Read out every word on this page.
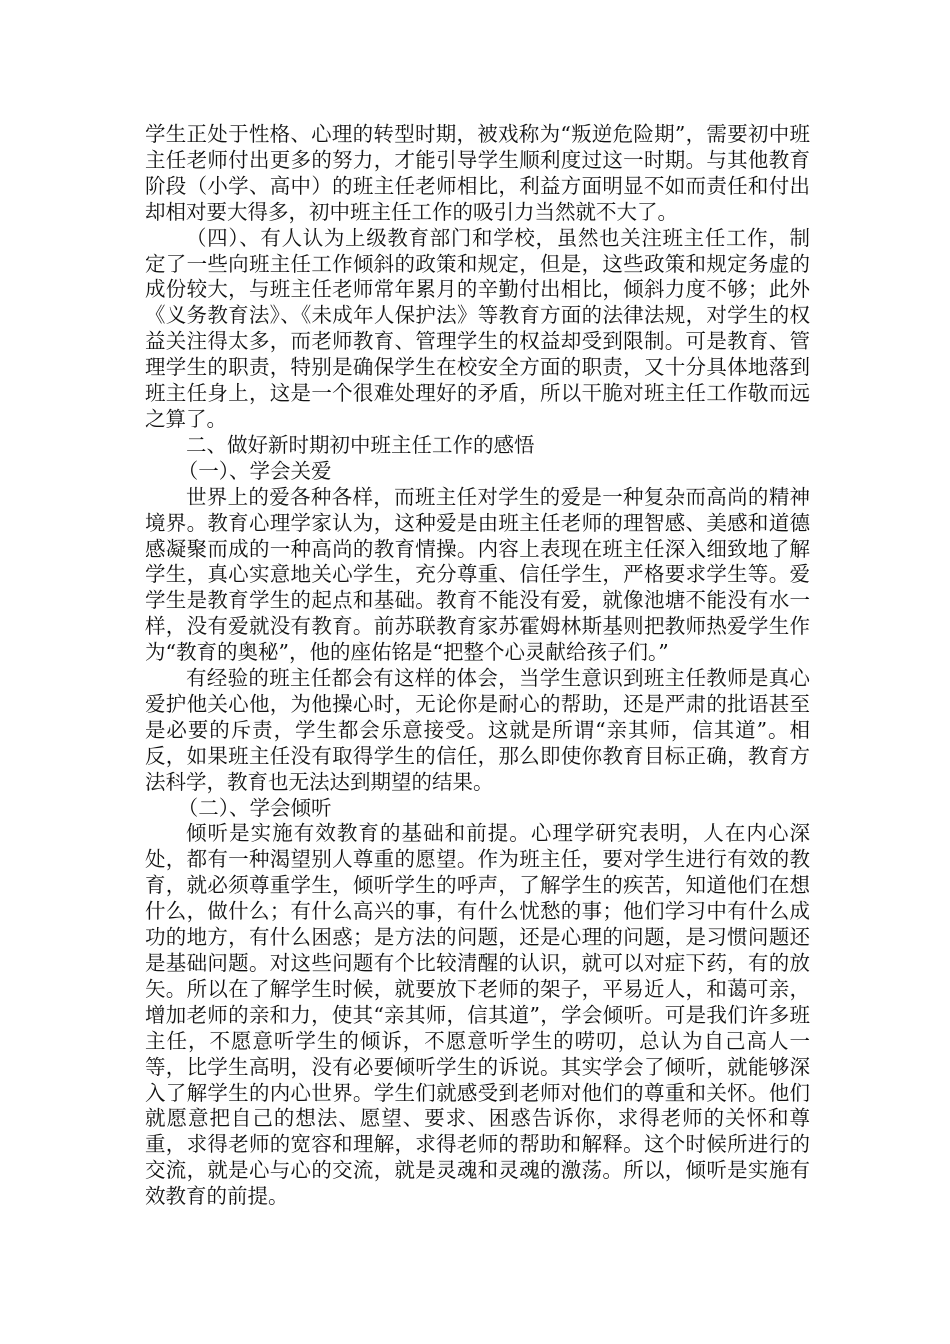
学生正处于性格、心理的转型时期，被戏称为“叛逆危险期”，需要初中班主任老师付出更多的努力，才能引导学生顺利度过这一时期。与其他教育阶段（小学、高中）的班主任老师相比，利益方面明显不如而责任和付出却相对要大得多，初中班主任工作的吸引力当然就不大了。

（四）、有人认为上级教育部门和学校，虽然也关注班主任工作，制定了一些向班主任工作倾斜的政策和规定，但是，这些政策和规定务虚的成份较大，与班主任老师常年累月的辛勤付出相比，倾斜力度不够；此外《义务教育法》、《未成年人保护法》等教育方面的法律法规，对学生的权益关注得太多，而老师教育、管理学生的权益却受到限制。可是教育、管理学生的职责，特别是确保学生在校安全方面的职责，又十分具体地落到班主任身上，这是一个很难处理好的矛盾，所以干脆对班主任工作敬而远之算了。

二、做好新时期初中班主任工作的感悟

（一）、学会关爱

世界上的爱各种各样，而班主任对学生的爱是一种复杂而高尚的精神境界。教育心理学家认为，这种爱是由班主任老师的理智感、美感和道德感凝聚而成的一种高尚的教育情操。内容上表现在班主任深入细致地了解学生，真心实意地关心学生，充分尊重、信任学生，严格要求学生等。爱学生是教育学生的起点和基础。教育不能没有爱，就像池塘不能没有水一样，没有爱就没有教育。前苏联教育家苏霍姆林斯基则把教师热爱学生作为“教育的奥秘”，他的座佑铭是“把整个心灵献给孩子们。”

有经验的班主任都会有这样的体会，当学生意识到班主任教师是真心爱护他关心他，为他操心时，无论你是耐心的帮助，还是严肃的批语甚至是必要的斥责，学生都会乐意接受。这就是所谓“亲其师，信其道”。相反，如果班主任没有取得学生的信任，那么即使你教育目标正确，教育方法科学，教育也无法达到期望的结果。

（二）、学会倾听

倾听是实施有效教育的基础和前提。心理学研究表明，人在内心深处，都有一种渴望别人尊重的愿望。作为班主任，要对学生进行有效的教育，就必须尊重学生，倾听学生的呼声，了解学生的疾苦，知道他们在想什么，做什么；有什么高兴的事，有什么忧愁的事；他们学习中有什么成功的地方，有什么困惑；是方法的问题，还是心理的问题，是习惯问题还是基础问题。对这些问题有个比较清醒的认识，就可以对症下药，有的放矢。所以在了解学生时候，就要放下老师的架子，平易近人，和蔼可亲，增加老师的亲和力，使其“亲其师，信其道”，学会倾听。可是我们许多班主任，不愿意听学生的倾诉，不愿意听学生的唠叨，总认为自己高人一等，比学生高明，没有必要倾听学生的诉说。其实学会了倾听，就能够深入了解学生的内心世界。学生们就感受到老师对他们的尊重和关怀。他们就愿意把自己的想法、愿望、要求、困惑告诉你，求得老师的关怀和尊重，求得老师的宽容和理解，求得老师的帮助和解释。这个时候所进行的交流，就是心与心的交流，就是灵魂和灵魂的激荡。所以，倾听是实施有效教育的前提。
